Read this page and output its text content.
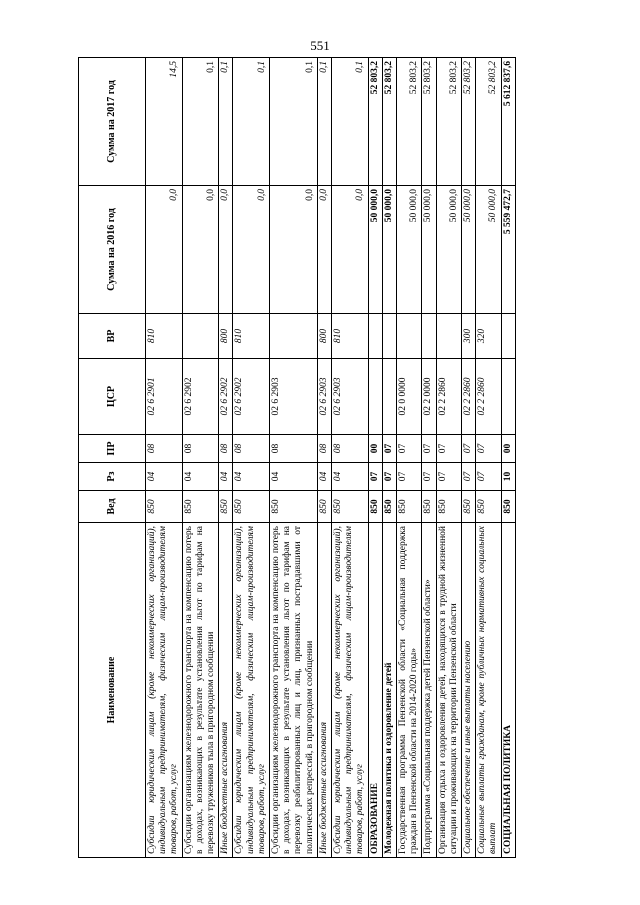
551
Наименование	Вед	Рз	ПР	ЦСР	ВР	Сумма на 2016 год	Сумма на 2017 год
Субсидии юридическим лицам (кроме некоммерческих организаций), индивидуальным предпринимателям, физическим лицам-производителям товаров, работ, услуг	850	04	08	02 6 2901	810	0,0	14,5
Субсидии организациям железнодорожного транспорта на компенсацию потерь в доходах, возникающих в результате установления льгот по тарифам на перевозку тружеников тыла в пригородном сообщении	850	04	08	02 6 2902		0,0	0,1
Иные бюджетные ассигнования	850	04	08	02 6 2902	800	0,0	0,1
Субсидии юридическим лицам (кроме некоммерческих организаций), индивидуальным предпринимателям, физическим лицам-производителям товаров, работ, услуг	850	04	08	02 6 2902	810	0,0	0,1
Субсидии организациям железнодорожного транспорта на компенсацию потерь в доходах, возникающих в результате установления льгот по тарифам на перевозку реабилитированных лиц и лиц, признанных пострадавшими от политических репрессий, в пригородном сообщении	850	04	08	02 6 2903		0,0	0,1
Иные бюджетные ассигнования	850	04	08	02 6 2903	800	0,0	0,1
Субсидии юридическим лицам (кроме некоммерческих организаций), индивидуальным предпринимателям, физическим лицам-производителям товаров, работ, услуг	850	04	08	02 6 2903	810	0,0	0,1
ОБРАЗОВАНИЕ	850	07	00			50 000,0	52 803,2
Молодежная политика и оздоровление детей	850	07	07			50 000,0	52 803,2
Государственная программа Пензенской области «Социальная поддержка граждан в Пензенской области на 2014-2020 годы»	850	07	07	02 0 0000		50 000,0	52 803,2
Подпрограмма «Социальная поддержка детей Пензенской области»	850	07	07	02 2 0000		50 000,0	52 803,2
Организация отдыха и оздоровления детей, находящихся в трудной жизненной ситуации и проживающих на территории Пензенской области	850	07	07	02 2 2860		50 000,0	52 803,2
Социальное обеспечение и иные выплаты населению	850	07	07	02 2 2860	300	50 000,0	52 803,2
Социальные выплаты гражданам, кроме публичных нормативных социальных выплат	850	07	07	02 2 2860	320	50 000,0	52 803,2
СОЦИАЛЬНАЯ ПОЛИТИКА	850	10	00			5 559 472,7	5 612 837,6
